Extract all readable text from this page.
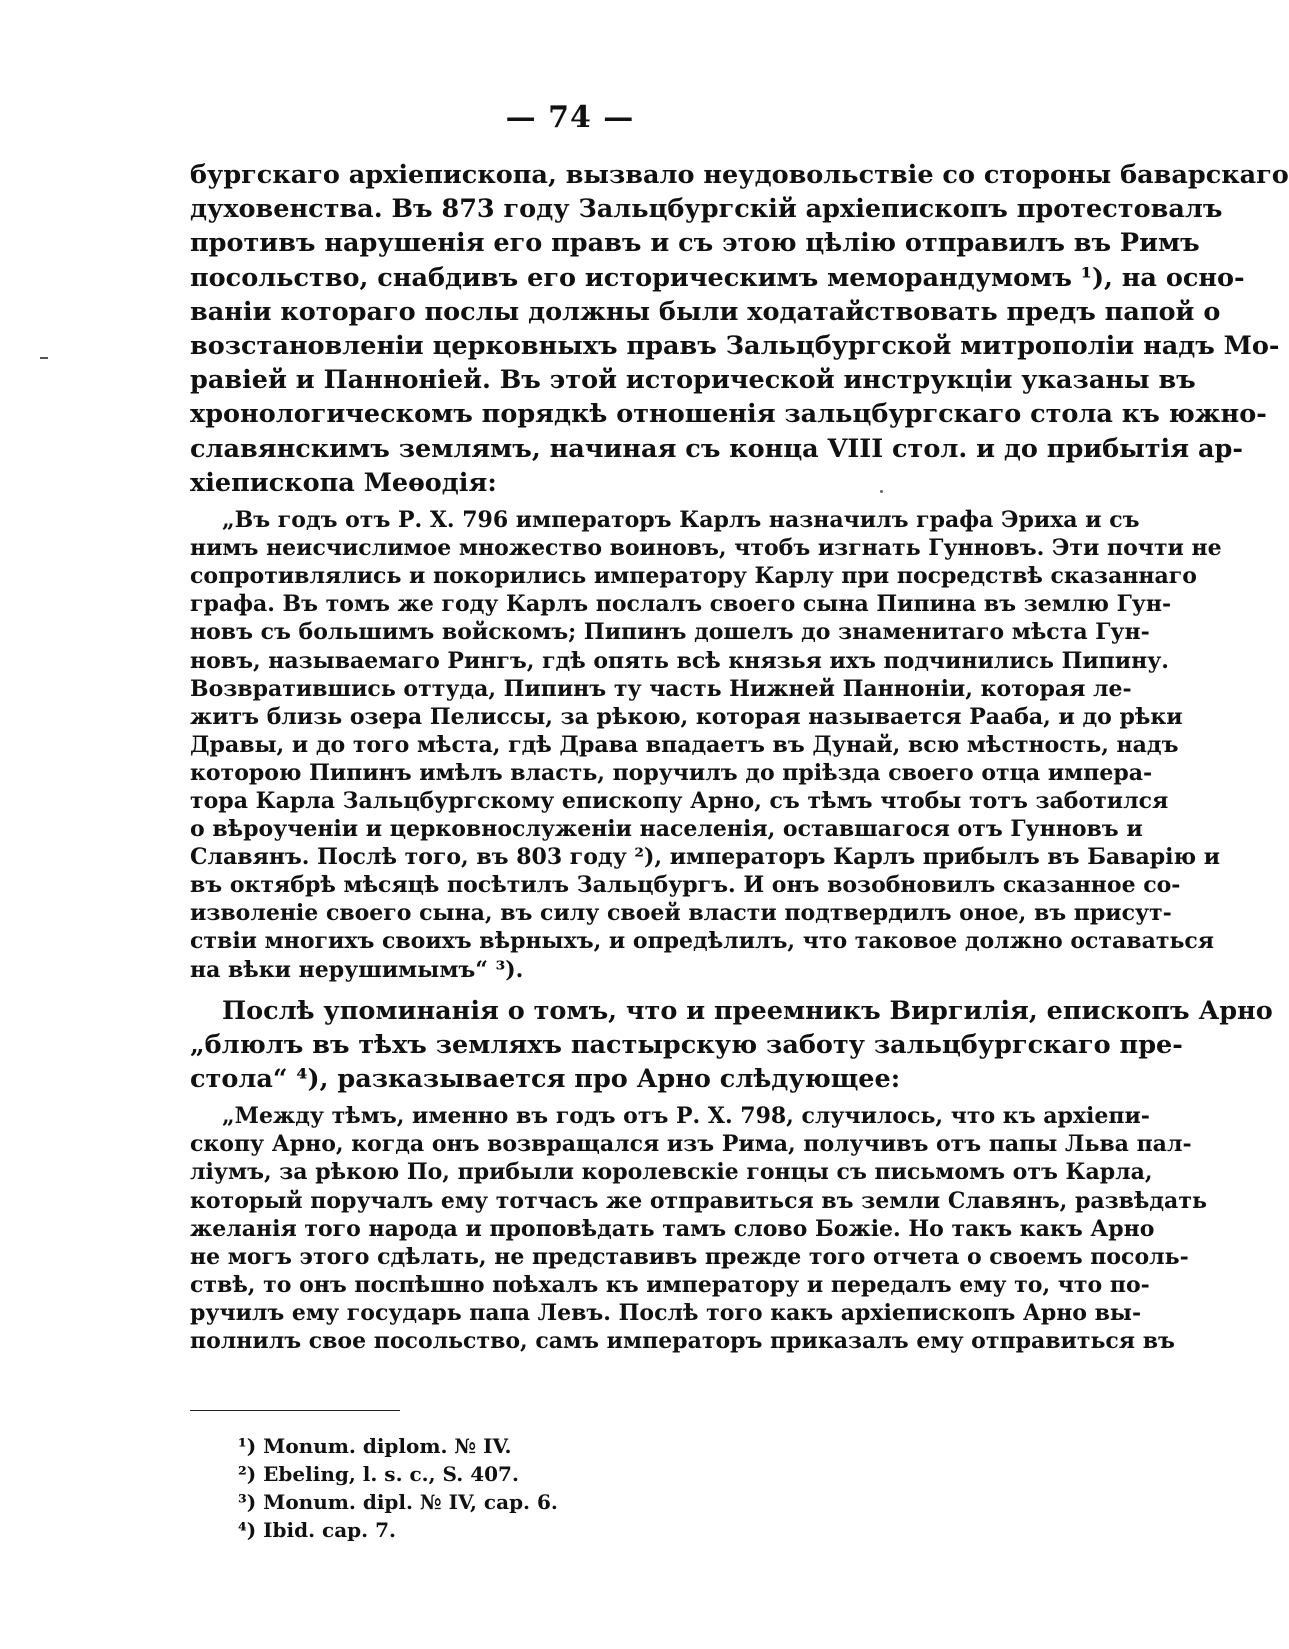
— 74 —
бургскаго архіепископа, вызвало неудовольствіе со стороны баварскаго
духовенства. Въ 873 году Зальцбургскій архіепископъ протестовалъ
противъ нарушенія его правъ и съ этою цѣлію отправилъ въ Римъ
посольство, снабдивъ его историческимъ меморандумомъ ¹), на осно-
ваніи котораго послы должны были ходатайствовать предъ папой о
возстановленіи церковныхъ правъ Зальцбургской митрополіи надъ Мо-
равіей и Паннoніей. Въ этой исторической инструкціи указаны въ
хронологическомъ порядкѣ отношенія зальцбургскаго стола къ южно-
славянскимъ землямъ, начиная съ конца VIII стол. и до прибытія ар-
хіепископа Меѳодія:
„Въ годъ отъ Р. Х. 796 императоръ Карлъ назначилъ графа Эриха и съ
нимъ неисчислимое множество воиновъ, чтобъ изгнать Гунновъ. Эти почти не
сопротивлялись и покорились императору Карлу при посредствѣ сказаннаго
графа. Въ томъ же году Карлъ послалъ своего сына Пипина въ землю Гун-
новъ съ большимъ войскомъ; Пипинъ дошелъ до знаменитаго мѣста Гун-
новъ, называемаго Рингъ, гдѣ опять всѣ князья ихъ подчинились Пипину.
Возвратившись оттуда, Пипинъ ту часть Нижней Панноніи, которая ле-
житъ близь озера Пелиссы, за рѣкою, которая называется Рааба, и до рѣки
Дравы, и до того мѣста, гдѣ Драва впадаетъ въ Дунай, всю мѣстность, надъ
которою Пипинъ имѣлъ власть, поручилъ до пріѣзда своего отца импера-
тора Карла Зальцбургскому епископу Арно, съ тѣмъ чтобы тотъ заботился
о вѣроученіи и церковнослуженіи населенія, оставшагося отъ Гунновъ и
Славянъ. Послѣ того, въ 803 году ²), императоръ Карлъ прибылъ въ Баварію и
въ октябрѣ мѣсяцѣ посѣтилъ Зальцбургъ. И онъ возобновилъ сказанное со-
изволеніе своего сына, въ силу своей власти подтвердилъ оное, въ присут-
ствіи многихъ своихъ вѣрныхъ, и опредѣлилъ, что таковое должно оставаться
на вѣки нерушимымъ“ ³).
Послѣ упоминанія о томъ, что и преемникъ Виргилія, епископъ Арно
„блюлъ въ тѣхъ земляхъ пастырскую заботу зальцбургскаго пре-
стола“ ⁴), разказывается про Арно слѣдующее:
„Между тѣмъ, именно въ годъ отъ Р. Х. 798, случилось, что къ архіепи-
скопу Арно, когда онъ возвращался изъ Рима, получивъ отъ папы Льва пал-
ліумъ, за рѣкою По, прибыли королевскіе гонцы съ письмомъ отъ Карла,
который поручалъ ему тотчасъ же отправиться въ земли Славянъ, развѣдать
желанія того народа и проповѣдать тамъ слово Божіе. Но такъ какъ Арно
не могъ этого сдѣлать, не представивъ прежде того отчета о своемъ посоль-
ствѣ, то онъ поспѣшно поѣхалъ къ императору и передалъ ему то, что по-
ручилъ ему государь папа Левъ. Послѣ того какъ архіепископъ Арно вы-
полнилъ свое посольство, самъ императоръ приказалъ ему отправиться въ
¹) Monum. diplom. № IV.
²) Ebeling, l. s. c., S. 407.
³) Monum. dipl. № IV, cap. 6.
⁴) Ibid. cap. 7.
